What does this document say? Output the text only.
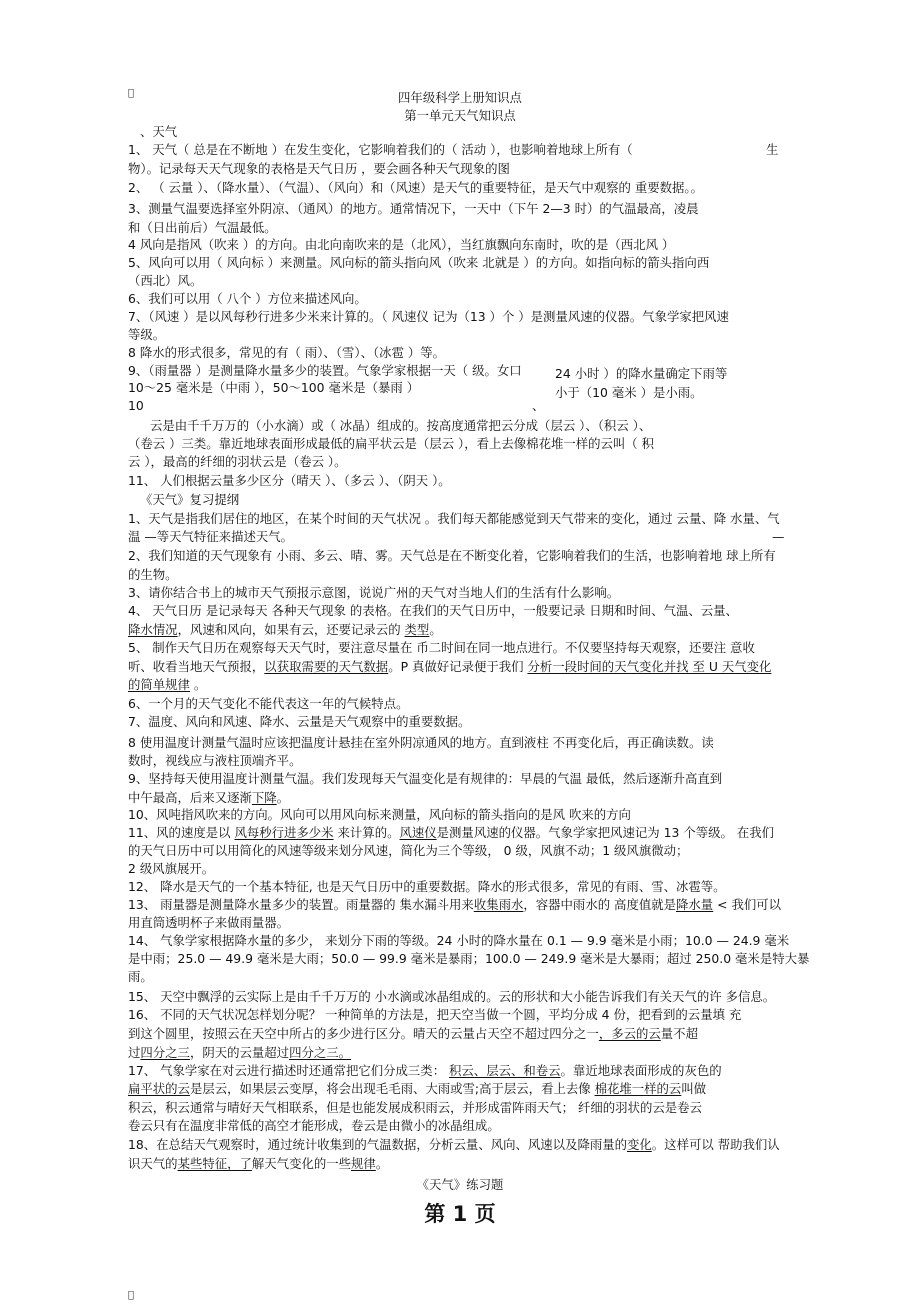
 	四年级科学上册知识点
第一单元天气知识点
、天气
1、 天气（ 总是在不断地 ）在发生变化，它影响着我们的（ 活动 ），也影响着地球上所有（	生
物）。记录每天天气现象的表格是天气日历 ，要会画各种天气现象的图
2、 （ 云量 ）、（降水量）、（气温）、（风向）和（风速）是天气的重要特征，是天气中观察的 重要数据。。
3、测量气温要选择室外阴凉、（通风）的地方。通常情况下，一天中（下午 2—3 时）的气温最高，凌晨
和（日出前后）气温最低。
4 风向是指风（吹来 ）的方向。由北向南吹来的是（北风），当红旗飘向东南时，吹的是（西北风 ）
5、风向可以用（ 风向标 ）来测量。风向标的箭头指向风（吹来 北就是 ）的方向。如指向标的箭头指向西
（西北）风。
6、我们可以用（ 八个 ）方位来描述风向。
7、（风速 ）是以风每秒行进多少米来计算的。（ 风速仪 记为（13 ）个 ）是测量风速的仪器。气象学家把风速
等级。
8 降水的形式很多，常见的有（ 雨）、（雪）、（冰雹 ）等。
9、（雨量器 ）是测量降水量多少的装置。气象学家根据一天（ 级。女口	24 小时 ）的降水量确定下雨等
10〜25 毫米是（中雨 ），50〜100 毫米是（暴雨 ）	小于（10 毫米 ）是小雨。
10	、
云是由千千万万的（小水滴）或（ 冰晶）组成的。按高度通常把云分成（层云 ）、（积云 ）、
（卷云 ）三类。靠近地球表面形成最低的扁平状云是（层云 ），看上去像棉花堆一样的云叫（ 积
云 ），最高的纤细的羽状云是（卷云 ）。
11、 人们根据云量多少区分（晴天 ）、（多云 ）、（阴天 ）。
《天气》复习提纲
1、天气是指我们居住的地区，在某个时间的天气状况 。我们每天都能感觉到天气带来的变化，通过 云量、降 水量、气
温 —等天气特征来描述天气。	—
2、我们知道的天气现象有 小雨、多云、晴、雾。天气总是在不断变化着，它影响着我们的生活，也影响着地 球上所有
的生物。
3、请你结合书上的城市天气预报示意图，说说广州的天气对当地人们的生活有什么影响。
4、 天气日历 是记录每天 各种天气现象 的表格。在我们的天气日历中，一般要记录 日期和时间、气温、云量、
降水情况，风速和风向，如果有云，还要记录云的 类型。
5、 制作天气日历在观察每天天气时，要注意尽量在 币二时间在同一地点进行。不仅要坚持每天观察，还要注 意收
听、收看当地天气预报，以获取需要的天气数据。P 真做好记录便于我们 分析一段时间的天气变化并找 至 U 天气变化
的简单规律 。
6、一个月的天气变化不能代表这一年的气候特点。
7、温度、风向和风速、降水、云量是天气观察中的重要数据。
8 使用温度计测量气温时应该把温度计悬挂在室外阴凉通风的地方。直到液柱 不再变化后，再正确读数。读
数时，视线应与液柱顶端齐平。
9、坚持每天使用温度计测量气温。我们发现每天气温变化是有规律的：早晨的气温 最低，然后逐渐升高直到
中午最高，后来又逐渐下降。
10、风吨指风吹来的方向。风向可以用风向标来测量，风向标的箭头指向的是风 吹来的方向
11、风的速度是以 风每秒行进多少米 来计算的。风速仪是测量风速的仪器。气象学家把风速记为 13 个等级。 在我们
的天气日历中可以用简化的风速等级来划分风速，简化为三个等级， 0 级，风旗不动；1 级风旗微动；
2 级风旗展开。
12、 降水是天气的一个基本特征, 也是天气日历中的重要数据。降水的形式很多，常见的有雨、雪、冰雹等。
13、 雨量器是测量降水量多少的装置。雨量器的 集水漏斗用来收集雨水，容器中雨水的 高度值就是降水量 < 我们可以
用直筒透明杯子来做雨量器。
14、 气象学家根据降水量的多少， 来划分下雨的等级。24 小时的降水量在 0.1 — 9.9 毫米是小雨；10.0 — 24.9 毫米
是中雨；25.0 — 49.9 毫米是大雨；50.0 — 99.9 毫米是暴雨；100.0 — 249.9 毫米是大暴雨；超过 250.0 毫米是特大暴
雨。
15、 天空中飘浮的云实际上是由千千万万的 小水滴或冰晶组成的。云的形状和大小能告诉我们有关天气的许 多信息。
16、 不同的天气状况怎样划分呢？ 一种简单的方法是，把天空当做一个圆，平均分成 4 份，把看到的云量填 充
到这个圆里，按照云在天空中所占的多少进行区分。晴天的云量占天空不超过四分之一，多云的云量不超
过四分之三，阴天的云量超过四分之三。
17、 气象学家在对云进行描述时还通常把它们分成三类： 积云、层云、和卷云。靠近地球表面形成的灰色的
扁平状的云是层云，如果层云变厚，将会出现毛毛雨、大雨或雪;高于层云，看上去像 棉花堆一样的云叫做
积云，积云通常与晴好天气相联系，但是也能发展成积雨云，并形成雷阵雨天气； 纤细的羽状的云是卷云
卷云只有在温度非常低的高空才能形成，卷云是由微小的冰晶组成。
18、在总结天气观察时，通过统计收集到的气温数据，分析云量、风向、风速以及降雨量的变化。这样可以 帮助我们认
识天气的某些特征，了解天气变化的一些规律。
《天气》练习题
第 1 页
 
